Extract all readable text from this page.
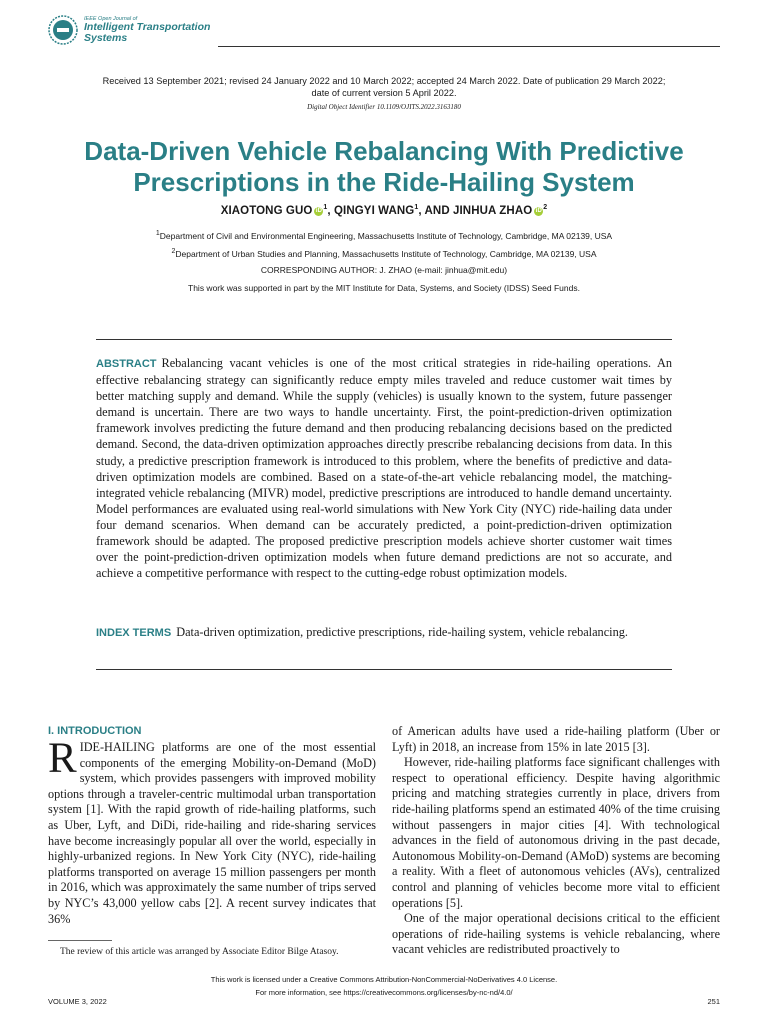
IEEE Open Journal of
Intelligent Transportation
Systems
Received 13 September 2021; revised 24 January 2022 and 10 March 2022; accepted 24 March 2022. Date of publication 29 March 2022;
date of current version 5 April 2022.
Digital Object Identifier 10.1109/OJITS.2022.3163180
Data-Driven Vehicle Rebalancing With Predictive
Prescriptions in the Ride-Hailing System
XIAOTONG GUO $iD^1$, QINGYI WANG$^1$, AND JINHUA ZHAO $iD^2$
$^1$Department of Civil and Environmental Engineering, Massachusetts Institute of Technology, Cambridge, MA 02139, USA
$^2$Department of Urban Studies and Planning, Massachusetts Institute of Technology, Cambridge, MA 02139, USA
CORRESPONDING AUTHOR: J. ZHAO (e-mail: jinhua@mit.edu)
This work was supported in part by the MIT Institute for Data, Systems, and Society (IDSS) Seed Funds.
ABSTRACT Rebalancing vacant vehicles is one of the most critical strategies in ride-hailing operations. An effective rebalancing strategy can significantly reduce empty miles traveled and reduce customer wait times by better matching supply and demand. While the supply (vehicles) is usually known to the system, future passenger demand is uncertain. There are two ways to handle uncertainty. First, the point-prediction-driven optimization framework involves predicting the future demand and then producing rebalancing decisions based on the predicted demand. Second, the data-driven optimization approaches directly prescribe rebalancing decisions from data. In this study, a predictive prescription framework is introduced to this problem, where the benefits of predictive and data-driven optimization models are combined. Based on a state-of-the-art vehicle rebalancing model, the matching-integrated vehicle rebalancing (MIVR) model, predictive prescriptions are introduced to handle demand uncertainty. Model performances are evaluated using real-world simulations with New York City (NYC) ride-hailing data under four demand scenarios. When demand can be accurately predicted, a point-prediction-driven optimization framework should be adapted. The proposed predictive prescription models achieve shorter customer wait times over the point-prediction-driven optimization models when future demand predictions are not so accurate, and achieve a competitive performance with respect to the cutting-edge robust optimization models.
INDEX TERMS Data-driven optimization, predictive prescriptions, ride-hailing system, vehicle rebalancing.
I. INTRODUCTION

RIDE-HAILING platforms are one of the most essential components of the emerging Mobility-on-Demand (MoD) system, which provides passengers with improved mobility options through a traveler-centric multimodal urban transportation system [1]. With the rapid growth of ride-hailing platforms, such as Uber, Lyft, and DiDi, ride-hailing and ride-sharing services have become increasingly popular all over the world, especially in highly-urbanized regions. In New York City (NYC), ride-hailing platforms transported on average 15 million passengers per month in 2016, which was approximately the same number of trips served by NYC’s 43,000 yellow cabs [2]. A recent survey indicates that 36%

of American adults have used a ride-hailing platform (Uber or Lyft) in 2018, an increase from 15% in late 2015 [3].

However, ride-hailing platforms face significant challenges with respect to operational efficiency. Despite having algorithmic pricing and matching strategies currently in place, drivers from ride-hailing platforms spend an estimated 40% of the time cruising without passengers in major cities [4]. With technological advances in the field of autonomous driving in the past decade, Autonomous Mobility-on-Demand (AMoD) systems are becoming a reality. With a fleet of autonomous vehicles (AVs), centralized control and planning of vehicles become more vital to efficient operations [5].

One of the major operational decisions critical to the efficient operations of ride-hailing systems is vehicle rebalancing, where vacant vehicles are redistributed proactively to

The review of this article was arranged by Associate Editor Bilge Atasoy.
This work is licensed under a Creative Commons Attribution-NonCommercial-NoDerivatives 4.0 License.
For more information, see https://creativecommons.org/licenses/by-nc-nd/4.0/
VOLUME 3, 2022	251
